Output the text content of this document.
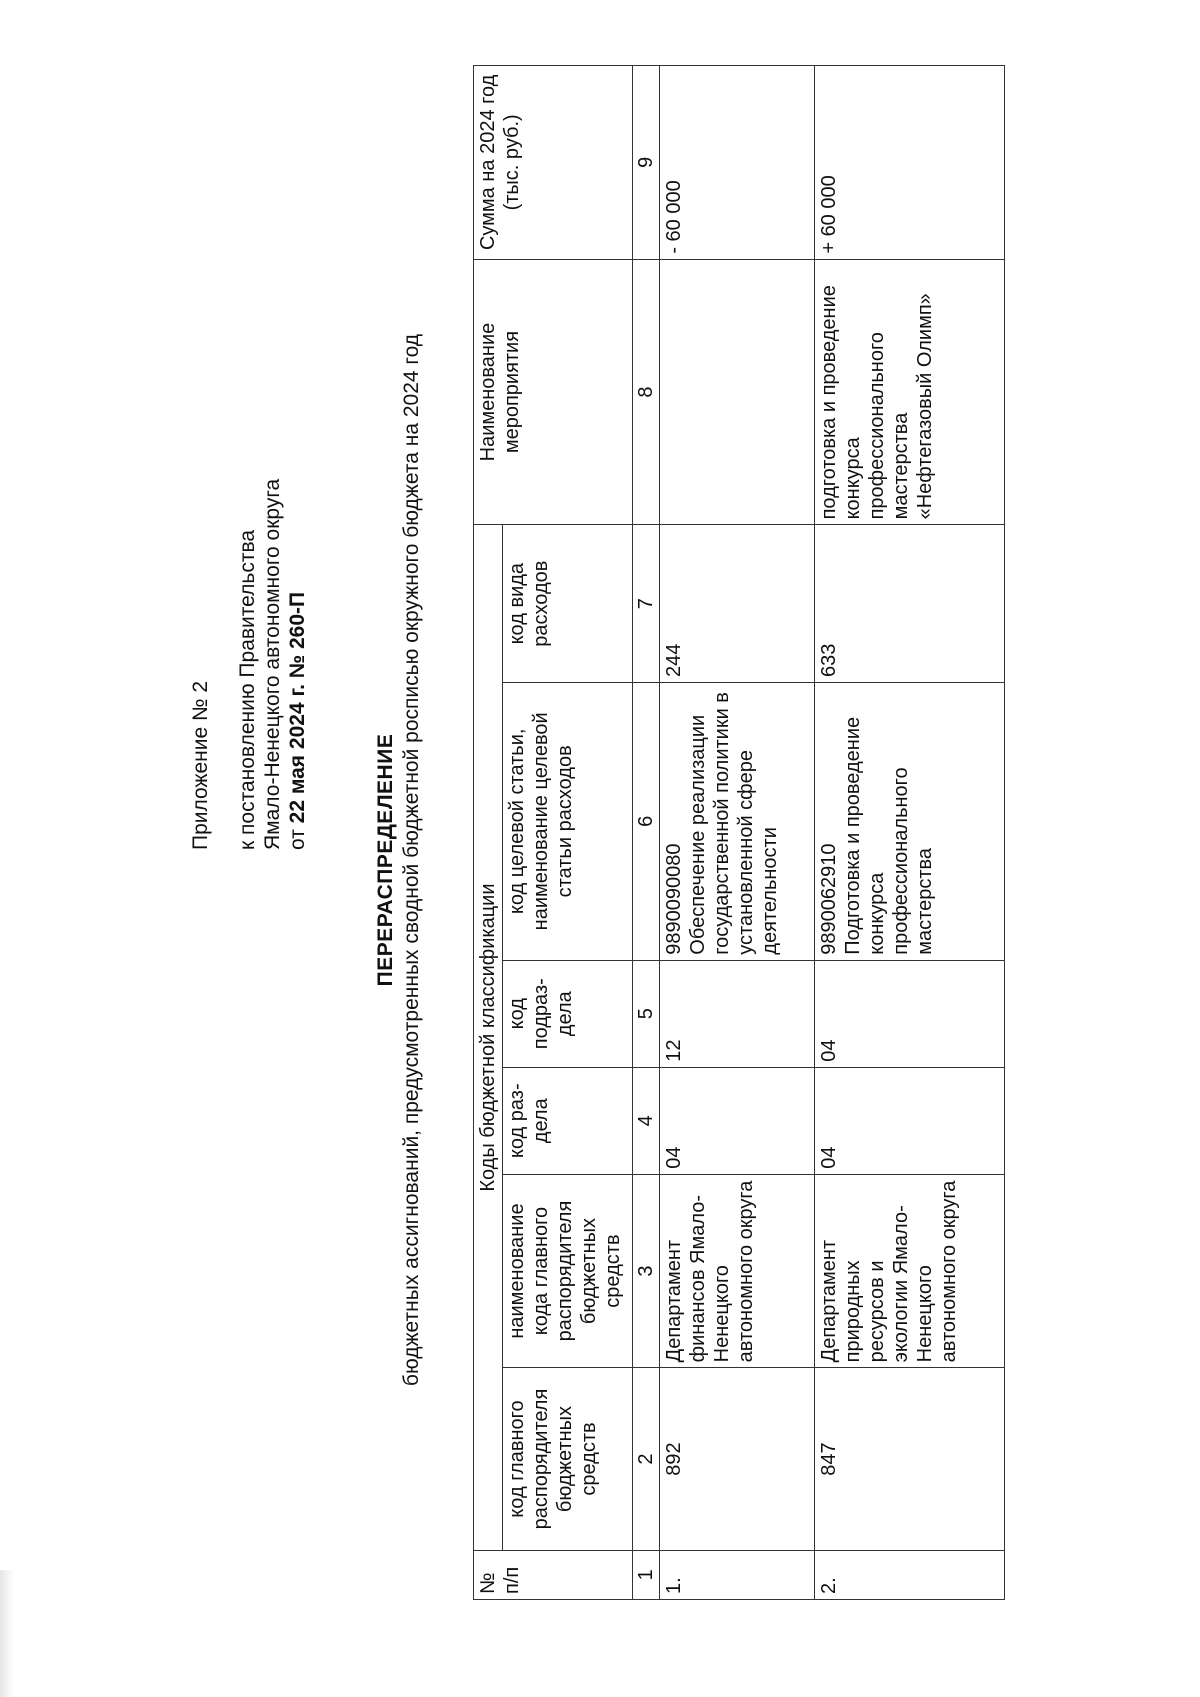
Приложение № 2 к постановлению Правительства Ямало-Ненецкого автономного округа от 22 мая 2024 г. № 260-П
ПЕРЕРАСПРЕДЕЛЕНИЕ бюджетных ассигнований, предусмотренных сводной бюджетной росписью окружного бюджета на 2024 год
№ п/п	Коды бюджетной классификации						Наименование мероприятия	Сумма на 2024 год (тыс. руб.)
	код главного распорядителя бюджетных средств	наименование кода главного распорядителя бюджетных средств	код раз-дела	код подраз-дела	код целевой статьи, наименование целевой статьи расходов	код вида расходов		
1	2	3	4	5	6	7	8	9
1.	892	Департамент финансов Ямало-Ненецкого автономного округа	04	12	9890090080 Обеспечение реализации государственной политики в установленной сфере деятельности	244		- 60 000
2.	847	Департамент природных ресурсов и экологии Ямало-Ненецкого автономного округа	04	04	9890062910 Подготовка и проведение конкурса профессионального мастерства	633	подготовка и проведение конкурса профессионального мастерства «Нефтегазовый Олимп»	+ 60 000
